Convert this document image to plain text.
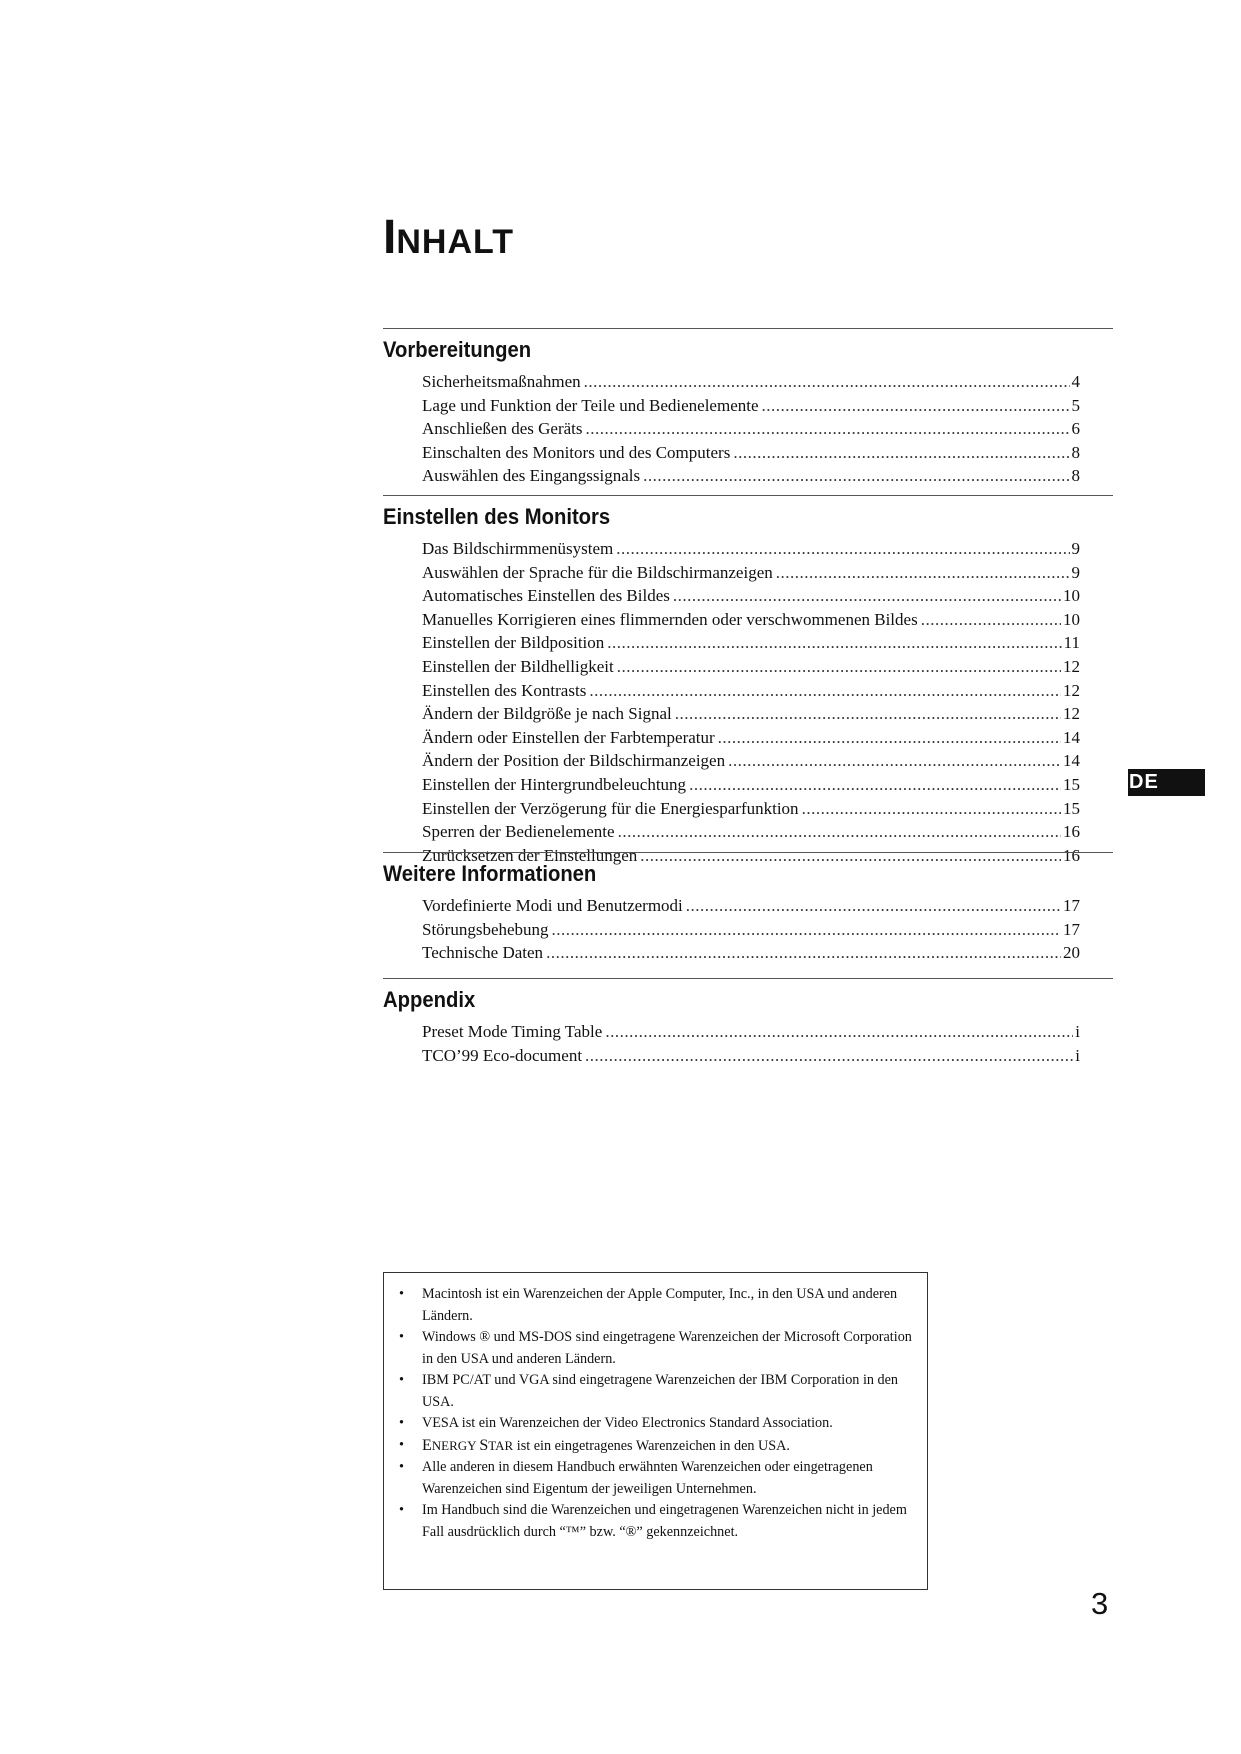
INHALT
Vorbereitungen
Sicherheitsmaßnahmen .....	4
Lage und Funktion der Teile und Bedienelemente .....	5
Anschließen des Geräts .....	6
Einschalten des Monitors und des Computers .....	8
Auswählen des Eingangssignals .....	8
Einstellen des Monitors
Das Bildschirmmenüsystem .....	9
Auswählen der Sprache für die Bildschirmanzeigen .....	9
Automatisches Einstellen des Bildes .....	10
Manuelles Korrigieren eines flimmernden oder verschwommenen Bildes .....	10
Einstellen der Bildposition .....	11
Einstellen der Bildhelligkeit .....	12
Einstellen des Kontrasts .....	12
Ändern der Bildgröße je nach Signal .....	12
Ändern oder Einstellen der Farbtemperatur .....	14
Ändern der Position der Bildschirmanzeigen .....	14
Einstellen der Hintergrundbeleuchtung .....	15
Einstellen der Verzögerung für die Energiesparfunktion .....	15
Sperren der Bedienelemente .....	16
Zurücksetzen der Einstellungen .....	16
Weitere Informationen
Vordefinierte Modi und Benutzermodi .....	17
Störungsbehebung .....	17
Technische Daten .....	20
Appendix
Preset Mode Timing Table .....	i
TCO’99 Eco-document .....	i
DE
• Macintosh ist ein Warenzeichen der Apple Computer, Inc., in den USA und anderen Ländern.
• Windows ® und MS-DOS sind eingetragene Warenzeichen der Microsoft Corporation in den USA und anderen Ländern.
• IBM PC/AT und VGA sind eingetragene Warenzeichen der IBM Corporation in den USA.
• VESA ist ein Warenzeichen der Video Electronics Standard Association.
• ENERGY STAR ist ein eingetragenes Warenzeichen in den USA.
• Alle anderen in diesem Handbuch erwähnten Warenzeichen oder eingetragenen Warenzeichen sind Eigentum der jeweiligen Unternehmen.
• Im Handbuch sind die Warenzeichen und eingetragenen Warenzeichen nicht in jedem Fall ausdrücklich durch “™” bzw. “®” gekennzeichnet.
3
